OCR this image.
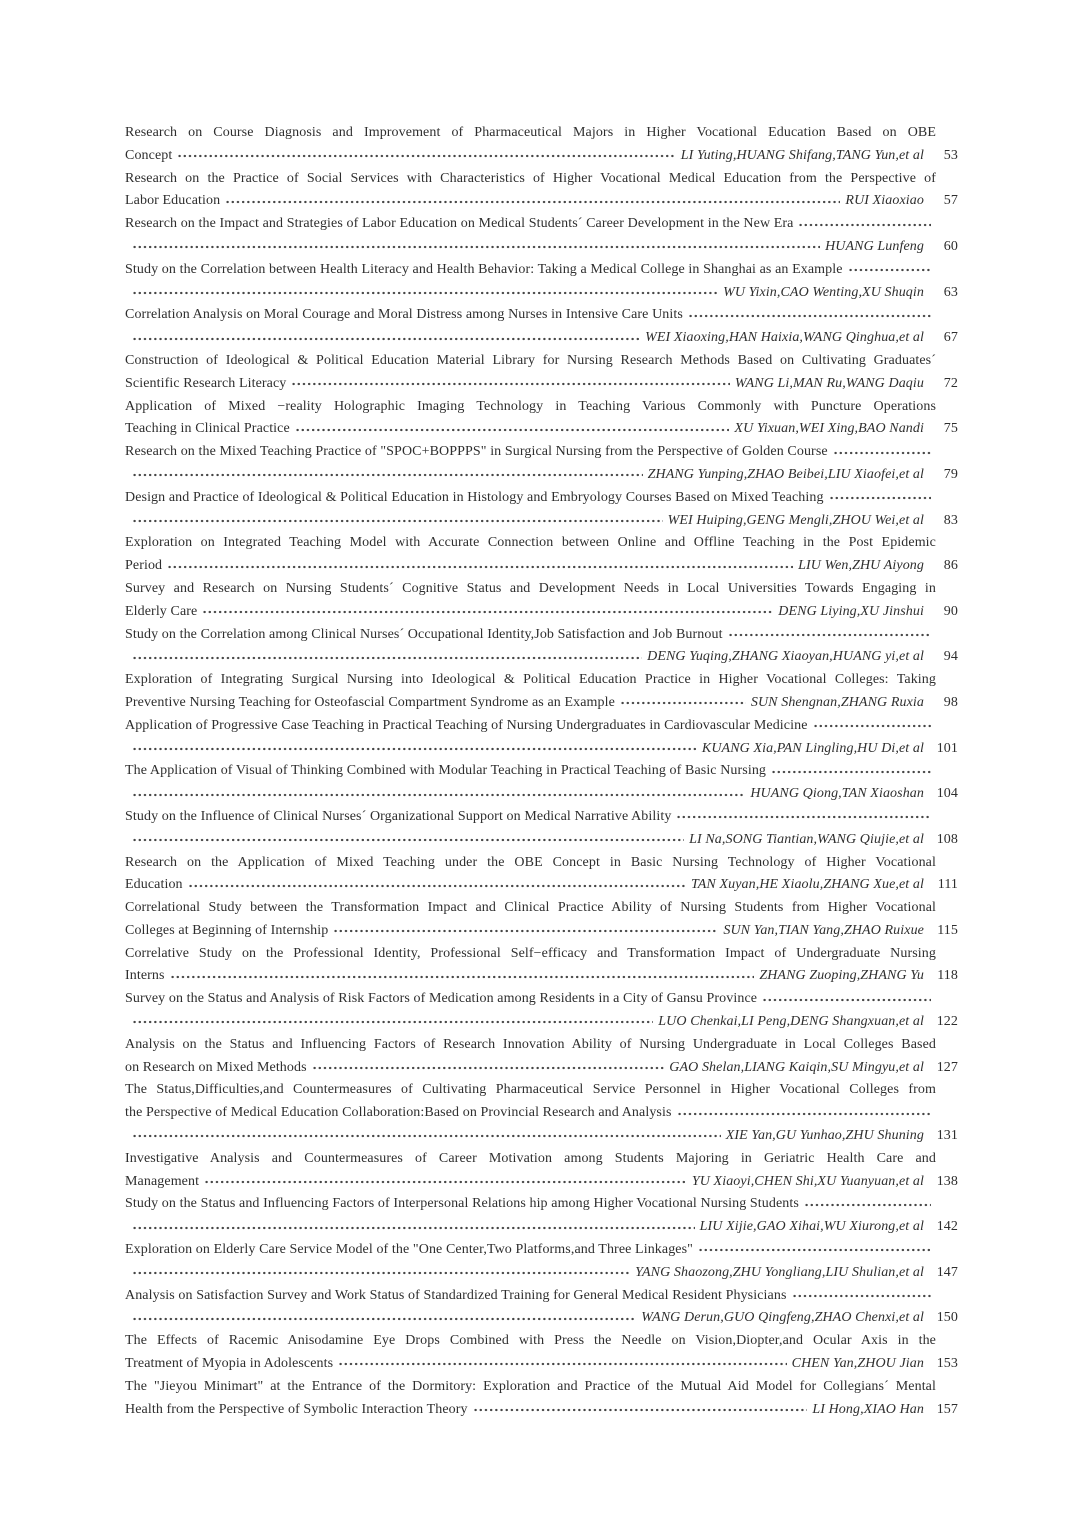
Research on Course Diagnosis and Improvement of Pharmaceutical Majors in Higher Vocational Education Based on OBE
Concept	LI Yuting,HUANG Shifang,TANG Yun,et al	53
Research on the Practice of Social Services with Characteristics of Higher Vocational Medical Education from the Perspective of
Labor Education	RUI Xiaoxiao	57
Research on the Impact and Strategies of Labor Education on Medical Students´ Career Development in the New Era
HUANG Lunfeng	60
Study on the Correlation between Health Literacy and Health Behavior: Taking a Medical College in Shanghai as an Example
WU Yixin,CAO Wenting,XU Shuqin	63
Correlation Analysis on Moral Courage and Moral Distress among Nurses in Intensive Care Units
WEI Xiaoxing,HAN Haixia,WANG Qinghua,et al	67
Construction of Ideological & Political Education Material Library for Nursing Research Methods Based on Cultivating Graduates´
Scientific Research Literacy	WANG Li,MAN Ru,WANG Daqiu	72
Application of Mixed −reality Holographic Imaging Technology in Teaching Various Commonly with Puncture Operations
Teaching in Clinical Practice	XU Yixuan,WEI Xing,BAO Nandi	75
Research on the Mixed Teaching Practice of "SPOC+BOPPPS" in Surgical Nursing from the Perspective of Golden Course
ZHANG Yunping,ZHAO Beibei,LIU Xiaofei,et al	79
Design and Practice of Ideological & Political Education in Histology and Embryology Courses Based on Mixed Teaching
WEI Huiping,GENG Mengli,ZHOU Wei,et al	83
Exploration on Integrated Teaching Model with Accurate Connection between Online and Offline Teaching in the Post Epidemic
Period	LIU Wen,ZHU Aiyong	86
Survey and Research on Nursing Students´ Cognitive Status and Development Needs in Local Universities Towards Engaging in
Elderly Care	DENG Liying,XU Jinshui	90
Study on the Correlation among Clinical Nurses´ Occupational Identity,Job Satisfaction and Job Burnout
DENG Yuqing,ZHANG Xiaoyan,HUANG yi,et al	94
Exploration of Integrating Surgical Nursing into Ideological & Political Education Practice in Higher Vocational Colleges: Taking
Preventive Nursing Teaching for Osteofascial Compartment Syndrome as an Example	SUN Shengnan,ZHANG Ruxia	98
Application of Progressive Case Teaching in Practical Teaching of Nursing Undergraduates in Cardiovascular Medicine
KUANG Xia,PAN Lingling,HU Di,et al 101
The Application of Visual of Thinking Combined with Modular Teaching in Practical Teaching of Basic Nursing
HUANG Qiong,TAN Xiaoshan 104
Study on the Influence of Clinical Nurses´ Organizational Support on Medical Narrative Ability
LI Na,SONG Tiantian,WANG Qiujie,et al 108
Research on the Application of Mixed Teaching under the OBE Concept in Basic Nursing Technology of Higher Vocational
Education	TAN Xuyan,HE Xiaolu,ZHANG Xue,et al 111
Correlational Study between the Transformation Impact and Clinical Practice Ability of Nursing Students from Higher Vocational
Colleges at Beginning of Internship	SUN Yan,TIAN Yang,ZHAO Ruixue 115
Correlative Study on the Professional Identity, Professional Self−efficacy and Transformation Impact of Undergraduate Nursing
Interns	ZHANG Zuoping,ZHANG Yu 118
Survey on the Status and Analysis of Risk Factors of Medication among Residents in a City of Gansu Province
LUO Chenkai,LI Peng,DENG Shangxuan,et al 122
Analysis on the Status and Influencing Factors of Research Innovation Ability of Nursing Undergraduate in Local Colleges Based
on Research on Mixed Methods	GAO Shelan,LIANG Kaiqin,SU Mingyu,et al 127
The Status,Difficulties,and Countermeasures of Cultivating Pharmaceutical Service Personnel in Higher Vocational Colleges from
the Perspective of Medical Education Collaboration:Based on Provincial Research and Analysis
XIE Yan,GU Yunhao,ZHU Shuning 131
Investigative Analysis and Countermeasures of Career Motivation among Students Majoring in Geriatric Health Care and
Management	YU Xiaoyi,CHEN Shi,XU Yuanyuan,et al 138
Study on the Status and Influencing Factors of Interpersonal Relations hip among Higher Vocational Nursing Students
LIU Xijie,GAO Xihai,WU Xiurong,et al 142
Exploration on Elderly Care Service Model of the "One Center,Two Platforms,and Three Linkages"
YANG Shaozong,ZHU Yongliang,LIU Shulian,et al 147
Analysis on Satisfaction Survey and Work Status of Standardized Training for General Medical Resident Physicians
WANG Derun,GUO Qingfeng,ZHAO Chenxi,et al 150
The Effects of Racemic Anisodamine Eye Drops Combined with Press the Needle on Vision,Diopter,and Ocular Axis in the
Treatment of Myopia in Adolescents	CHEN Yan,ZHOU Jian 153
The "Jieyou Minimart" at the Entrance of the Dormitory: Exploration and Practice of the Mutual Aid Model for Collegians´ Mental
Health from the Perspective of Symbolic Interaction Theory	LI Hong,XIAO Han 157
